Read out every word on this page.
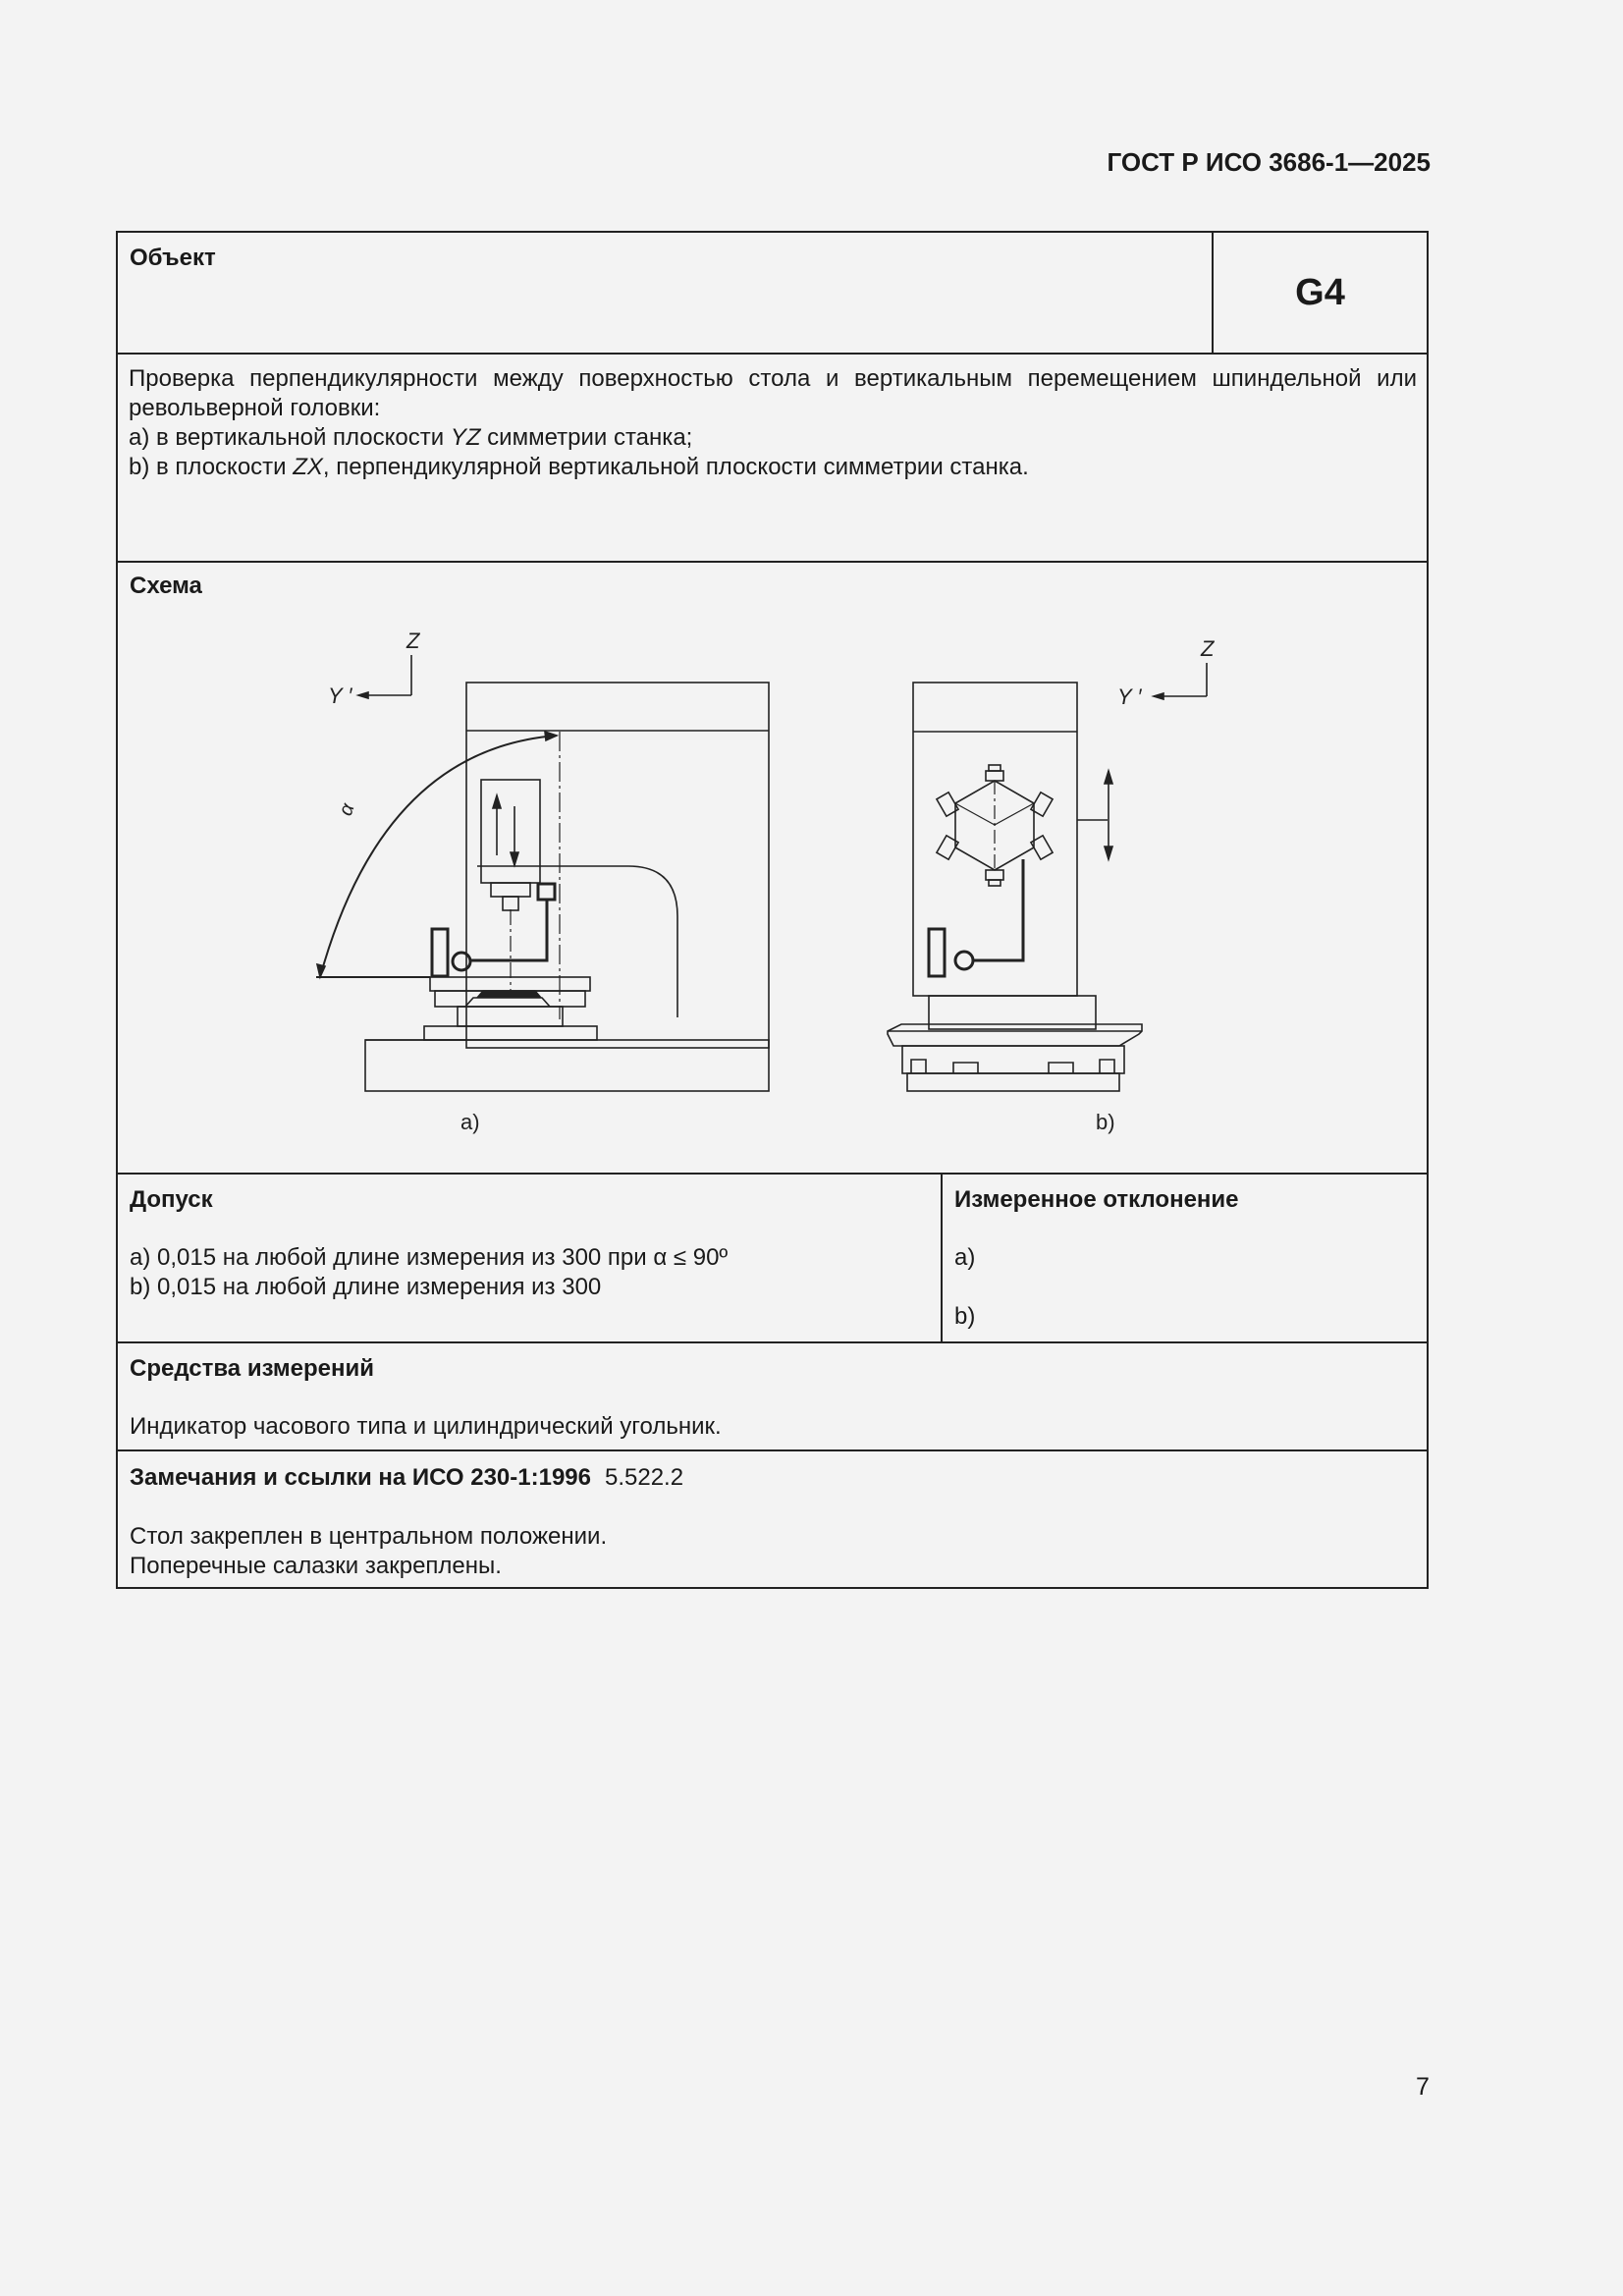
ГОСТ Р ИСО 3686-1—2025
Объект
G4
Проверка перпендикулярности между поверхностью стола и вертикальным перемещением шпиндельной или револьверной головки:
a) в вертикальной плоскости YZ симметрии станка;
b) в плоскости ZX, перпендикулярной вертикальной плоскости симметрии станка.
Схема
Z
Y ′
α
a)
Z
Y ′
b)
Допуск
a) 0,015 на любой длине измерения из 300 при α ≤ 90º
b) 0,015 на любой длине измерения из 300
Измеренное отклонение
a)
b)
Средства измерений
Индикатор часового типа и цилиндрический угольник.
Замечания и ссылки на ИСО 230-1:1996 5.522.2
Стол закреплен в центральном положении.
Поперечные салазки закреплены.
7
